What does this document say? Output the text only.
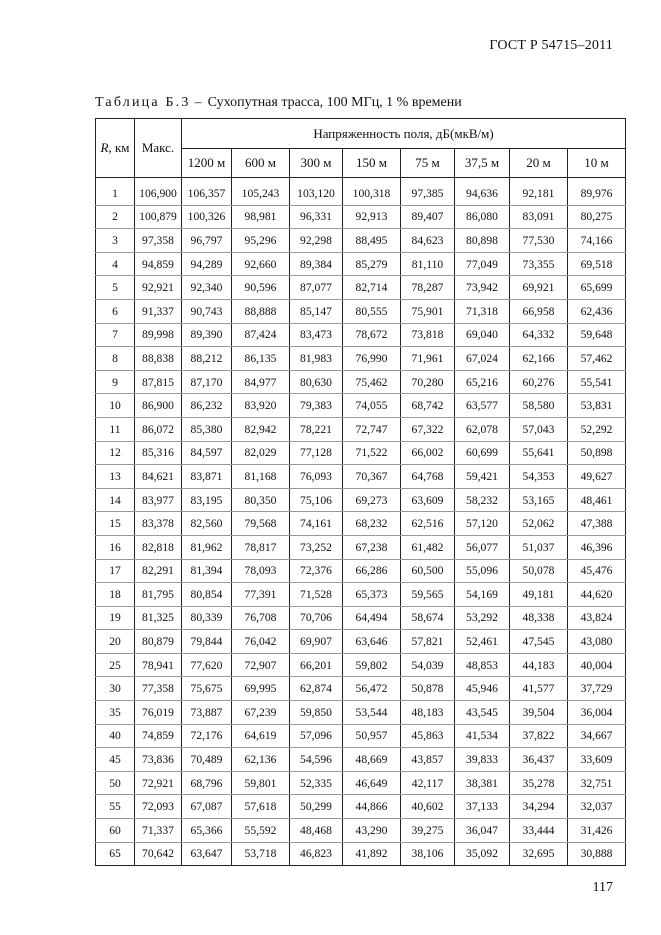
ГОСТ Р 54715–2011
Таблица Б.3 – Сухопутная трасса, 100 МГц, 1 % времени
R, км	Макс.	Напряженность поля, дБ(мкВ/м)							
		1200 м	600 м	300 м	150 м	75 м	37,5 м	20 м	10 м
1	106,900	106,357	105,243	103,120	100,318	97,385	94,636	92,181	89,976
2	100,879	100,326	98,981	96,331	92,913	89,407	86,080	83,091	80,275
3	97,358	96,797	95,296	92,298	88,495	84,623	80,898	77,530	74,166
4	94,859	94,289	92,660	89,384	85,279	81,110	77,049	73,355	69,518
5	92,921	92,340	90,596	87,077	82,714	78,287	73,942	69,921	65,699
6	91,337	90,743	88,888	85,147	80,555	75,901	71,318	66,958	62,436
7	89,998	89,390	87,424	83,473	78,672	73,818	69,040	64,332	59,648
8	88,838	88,212	86,135	81,983	76,990	71,961	67,024	62,166	57,462
9	87,815	87,170	84,977	80,630	75,462	70,280	65,216	60,276	55,541
10	86,900	86,232	83,920	79,383	74,055	68,742	63,577	58,580	53,831
11	86,072	85,380	82,942	78,221	72,747	67,322	62,078	57,043	52,292
12	85,316	84,597	82,029	77,128	71,522	66,002	60,699	55,641	50,898
13	84,621	83,871	81,168	76,093	70,367	64,768	59,421	54,353	49,627
14	83,977	83,195	80,350	75,106	69,273	63,609	58,232	53,165	48,461
15	83,378	82,560	79,568	74,161	68,232	62,516	57,120	52,062	47,388
16	82,818	81,962	78,817	73,252	67,238	61,482	56,077	51,037	46,396
17	82,291	81,394	78,093	72,376	66,286	60,500	55,096	50,078	45,476
18	81,795	80,854	77,391	71,528	65,373	59,565	54,169	49,181	44,620
19	81,325	80,339	76,708	70,706	64,494	58,674	53,292	48,338	43,824
20	80,879	79,844	76,042	69,907	63,646	57,821	52,461	47,545	43,080
25	78,941	77,620	72,907	66,201	59,802	54,039	48,853	44,183	40,004
30	77,358	75,675	69,995	62,874	56,472	50,878	45,946	41,577	37,729
35	76,019	73,887	67,239	59,850	53,544	48,183	43,545	39,504	36,004
40	74,859	72,176	64,619	57,096	50,957	45,863	41,534	37,822	34,667
45	73,836	70,489	62,136	54,596	48,669	43,857	39,833	36,437	33,609
50	72,921	68,796	59,801	52,335	46,649	42,117	38,381	35,278	32,751
55	72,093	67,087	57,618	50,299	44,866	40,602	37,133	34,294	32,037
60	71,337	65,366	55,592	48,468	43,290	39,275	36,047	33,444	31,426
65	70,642	63,647	53,718	46,823	41,892	38,106	35,092	32,695	30,888
117
